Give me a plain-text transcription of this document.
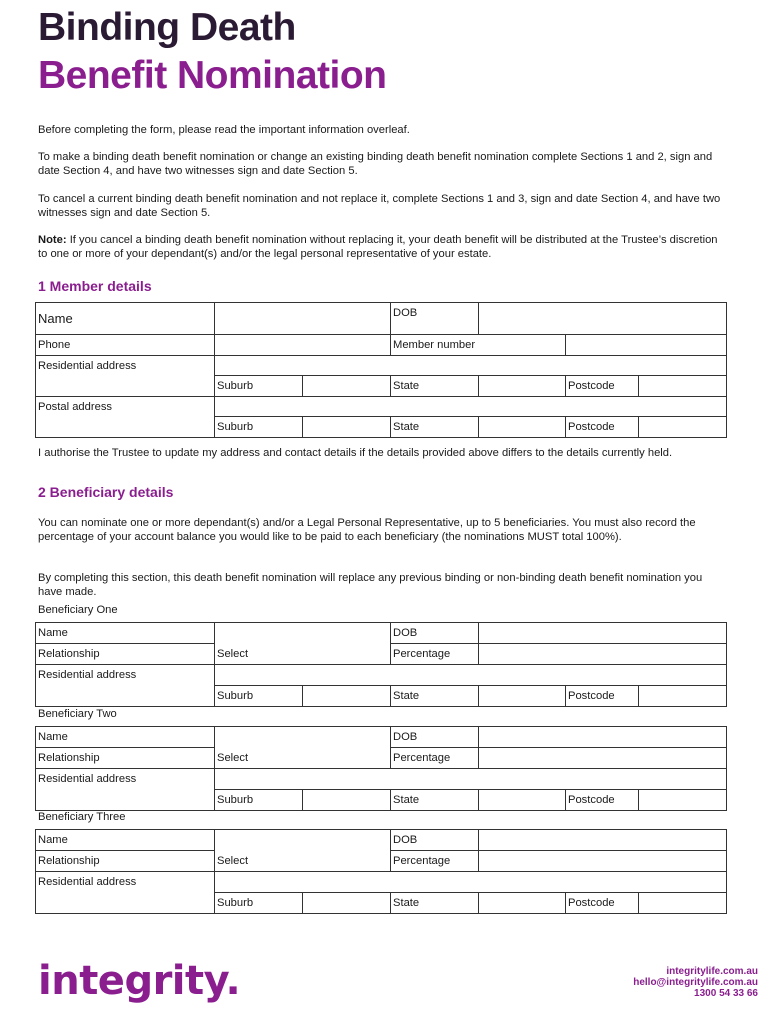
Binding Death
Benefit Nomination
Before completing the form, please read the important information overleaf.
To make a binding death benefit nomination or change an existing binding death benefit nomination complete Sections 1 and 2, sign and date Section 4, and have two witnesses sign and date Section 5.
To cancel a current binding death benefit nomination and not replace it, complete Sections 1 and 3, sign and date Section 4, and have two witnesses sign and date Section 5.
Note: If you cancel a binding death benefit nomination without replacing it, your death benefit will be distributed at the Trustee’s discretion to one or more of your dependant(s) and/or the legal personal representative of your estate.
1 Member details
Name			DOB			
Phone			Member number			
Residential address						
	Suburb		State		Postcode	
Postal address						
	Suburb		State		Postcode	
I authorise the Trustee to update my address and contact details if the details provided above differs to the details currently held.
2 Beneficiary details
You can nominate one or more dependant(s) and/or a Legal Personal Representative, up to 5 beneficiaries. You must also record the percentage of your account balance you would like to be paid to each beneficiary (the nominations MUST total 100%).
By completing this section, this death benefit nomination will replace any previous binding or non-binding death benefit nomination you have made.
Beneficiary One
Name			DOB			
Relationship	Select		Percentage			
Residential address						
	Suburb		State		Postcode	
Beneficiary Two
Name			DOB			
Relationship	Select		Percentage			
Residential address						
	Suburb		State		Postcode	
Beneficiary Three
Name			DOB			
Relationship	Select		Percentage			
Residential address						
	Suburb		State		Postcode	
integrity.	integritylife.com.au
hello@integritylife.com.au
1300 54 33 66
